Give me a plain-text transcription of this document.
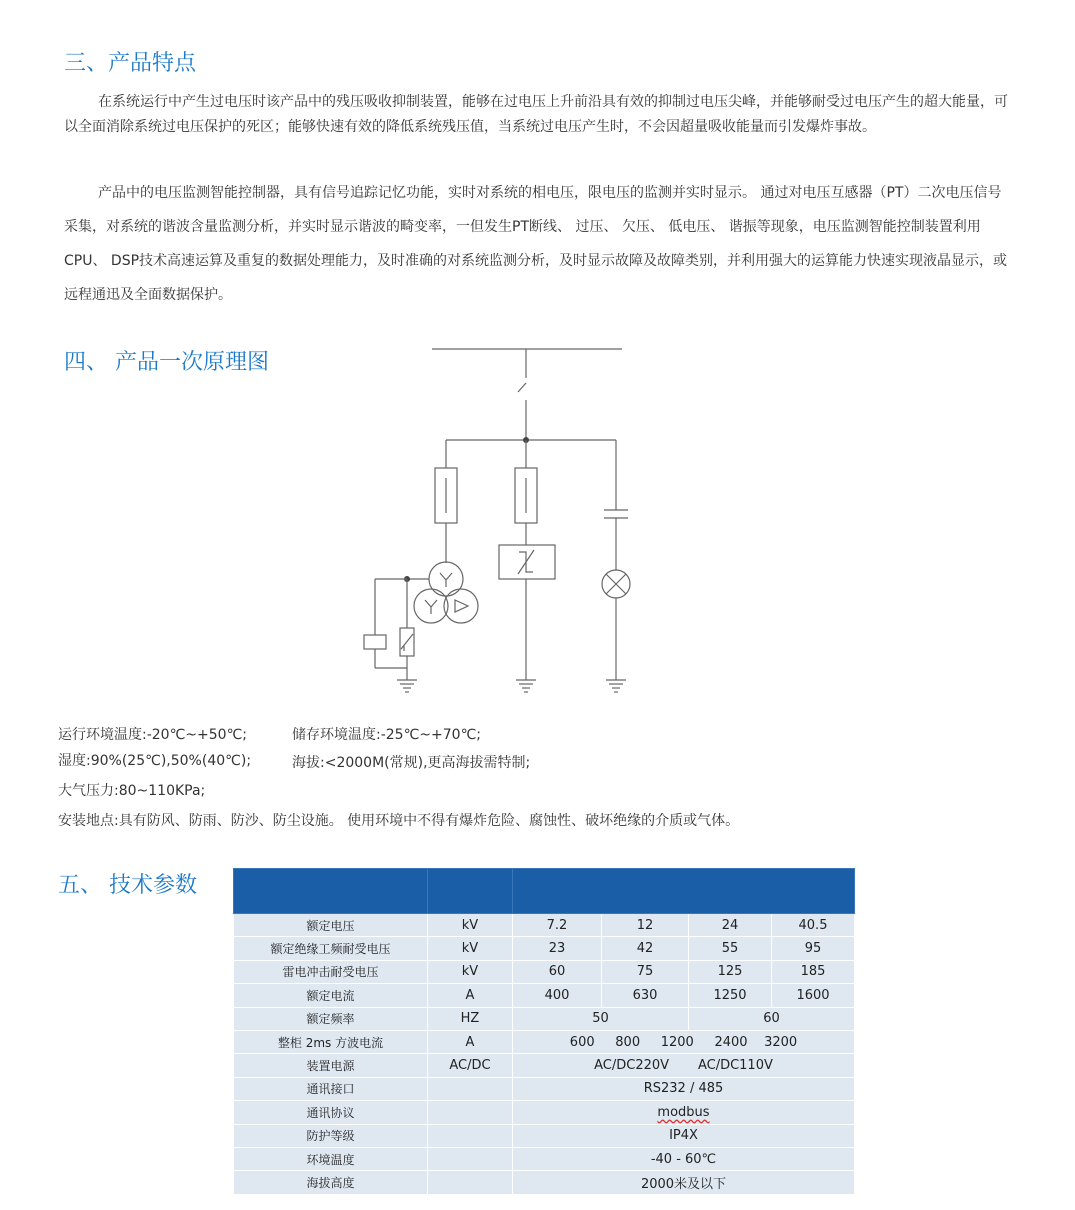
三、产品特点

在系统运行中产生过电压时该产品中的残压吸收抑制装置，能够在过电压上升前沿具有效的抑制过电压尖峰，并能够耐受过电压产生的超大能量，可以全面消除系统过电压保护的死区；能够快速有效的降低系统残压值，当系统过电压产生时，不会因超量吸收能量而引发爆炸事故。

产品中的电压监测智能控制器，具有信号追踪记忆功能，实时对系统的相电压，限电压的监测并实时显示。 通过对电压互感器（PT）二次电压信号采集，对系统的谐波含量监测分析，并实时显示谐波的畸变率，一但发生PT断线、 过压、 欠压、 低电压、 谐振等现象，电压监测智能控制装置利用CPU、 DSP技术高速运算及重复的数据处理能力，及时准确的对系统监测分析，及时显示故障及故障类别，并利用强大的运算能力快速实现液晶显示，或远程通迅及全面数据保护。

四、 产品一次原理图
运行环境温度:-20℃~+50℃;	储存环境温度:-25℃~+70℃;
湿度:90%(25℃),50%(40℃);	海拔:<2000M(常规),更高海拔需特制;
大气压力:80~110KPa;
安装地点:具有防风、防雨、防沙、防尘设施。 使用环境中不得有爆炸危险、腐蚀性、破坏绝缘的介质或气体。
五、 技术参数

额定电压	kV	7.2	12	24	40.5
额定绝缘工频耐受电压	kV	23	42	55	95
雷电冲击耐受电压	kV	60	75	125	185
额定电流	A	400	630	1250	1600
额定频率	HZ	50		60	
整柜 2ms 方波电流	A	600     800     1200     2400    3200			
装置电源	AC/DC	AC/DC220V       AC/DC110V			
通讯接口		RS232 / 485			
通讯协议		modbus			
防护等级		IP4X			
环境温度		-40 - 60℃			
海拔高度		2000米及以下			
